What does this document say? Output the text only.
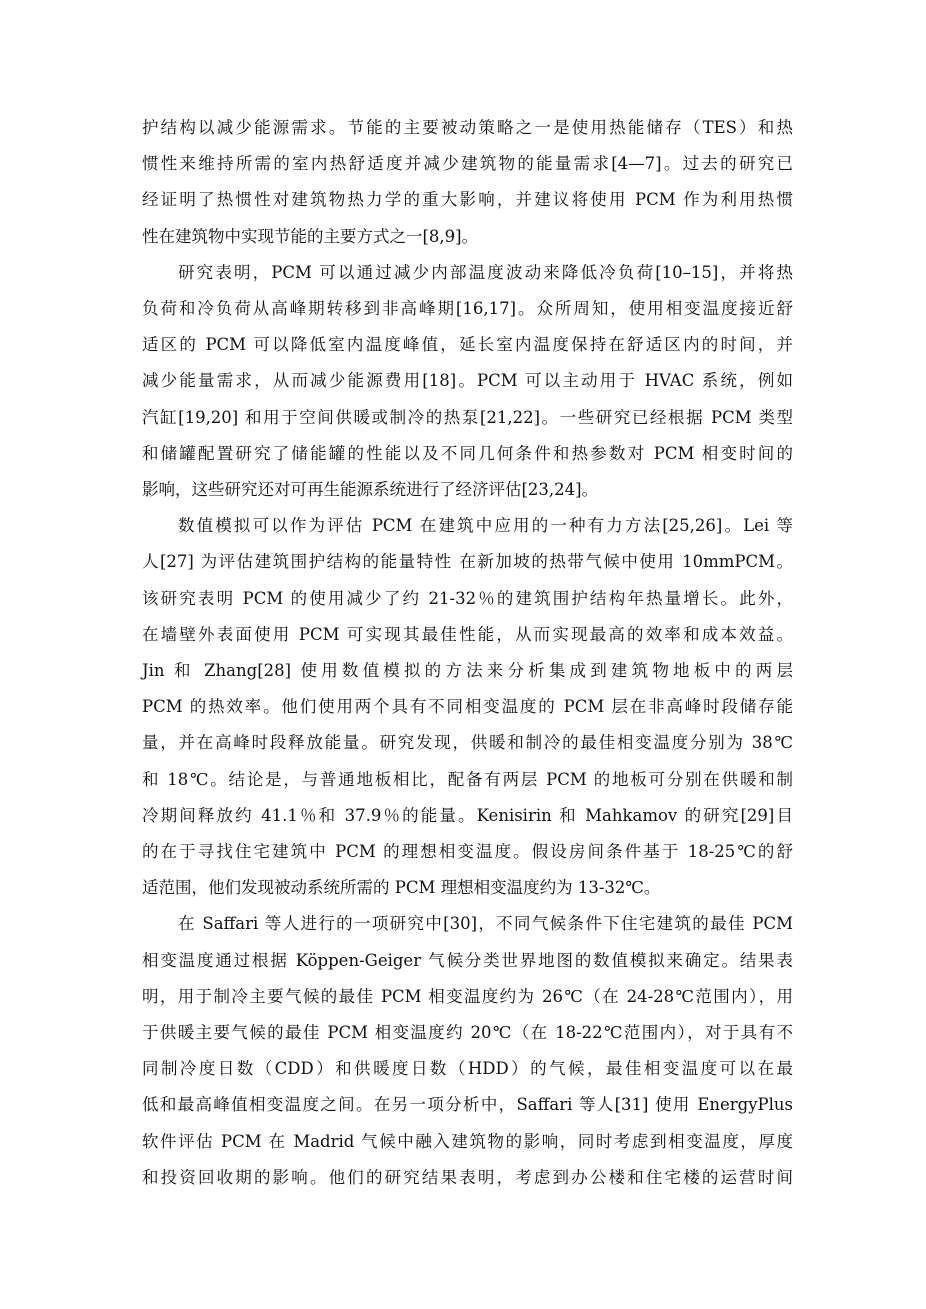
护结构以减少能源需求。节能的主要被动策略之一是使用热能储存（TES）和热
惯性来维持所需的室内热舒适度并减少建筑物的能量需求[4—7]。过去的研究已
经证明了热惯性对建筑物热力学的重大影响，并建议将使用 PCM 作为利用热惯
性在建筑物中实现节能的主要方式之一[8,9]。
研究表明，PCM 可以通过减少内部温度波动来降低冷负荷[10–15]，并将热
负荷和冷负荷从高峰期转移到非高峰期[16,17]。众所周知，使用相变温度接近舒
适区的 PCM 可以降低室内温度峰值，延长室内温度保持在舒适区内的时间，并
减少能量需求，从而减少能源费用[18]。PCM 可以主动用于 HVAC 系统，例如
汽缸[19,20] 和用于空间供暖或制冷的热泵[21,22]。一些研究已经根据 PCM 类型
和储罐配置研究了储能罐的性能以及不同几何条件和热参数对 PCM 相变时间的
影响，这些研究还对可再生能源系统进行了经济评估[23,24]。
数值模拟可以作为评估 PCM 在建筑中应用的一种有力方法[25,26]。Lei 等
人[27] 为评估建筑围护结构的能量特性 在新加坡的热带气候中使用 10mmPCM。
该研究表明 PCM 的使用减少了约 21-32％的建筑围护结构年热量增长。此外，
在墙壁外表面使用 PCM 可实现其最佳性能，从而实现最高的效率和成本效益。
Jin 和 Zhang[28] 使用数值模拟的方法来分析集成到建筑物地板中的两层
PCM 的热效率。他们使用两个具有不同相变温度的 PCM 层在非高峰时段储存能
量，并在高峰时段释放能量。研究发现，供暖和制冷的最佳相变温度分别为 38℃
和 18℃。结论是，与普通地板相比，配备有两层 PCM 的地板可分别在供暖和制
冷期间释放约 41.1％和 37.9％的能量。Kenisirin 和 Mahkamov 的研究[29]目
的在于寻找住宅建筑中 PCM 的理想相变温度。假设房间条件基于 18-25℃的舒
适范围，他们发现被动系统所需的 PCM 理想相变温度约为 13-32℃。
在 Saffari 等人进行的一项研究中[30]，不同气候条件下住宅建筑的最佳 PCM
相变温度通过根据 Köppen-Geiger 气候分类世界地图的数值模拟来确定。结果表
明，用于制冷主要气候的最佳 PCM 相变温度约为 26℃（在 24-28℃范围内），用
于供暖主要气候的最佳 PCM 相变温度约 20℃（在 18-22℃范围内），对于具有不
同制冷度日数（CDD）和供暖度日数（HDD）的气候，最佳相变温度可以在最
低和最高峰值相变温度之间。在另一项分析中，Saffari 等人[31] 使用 EnergyPlus
软件评估 PCM 在 Madrid 气候中融入建筑物的影响，同时考虑到相变温度，厚度
和投资回收期的影响。他们的研究结果表明，考虑到办公楼和住宅楼的运营时间
